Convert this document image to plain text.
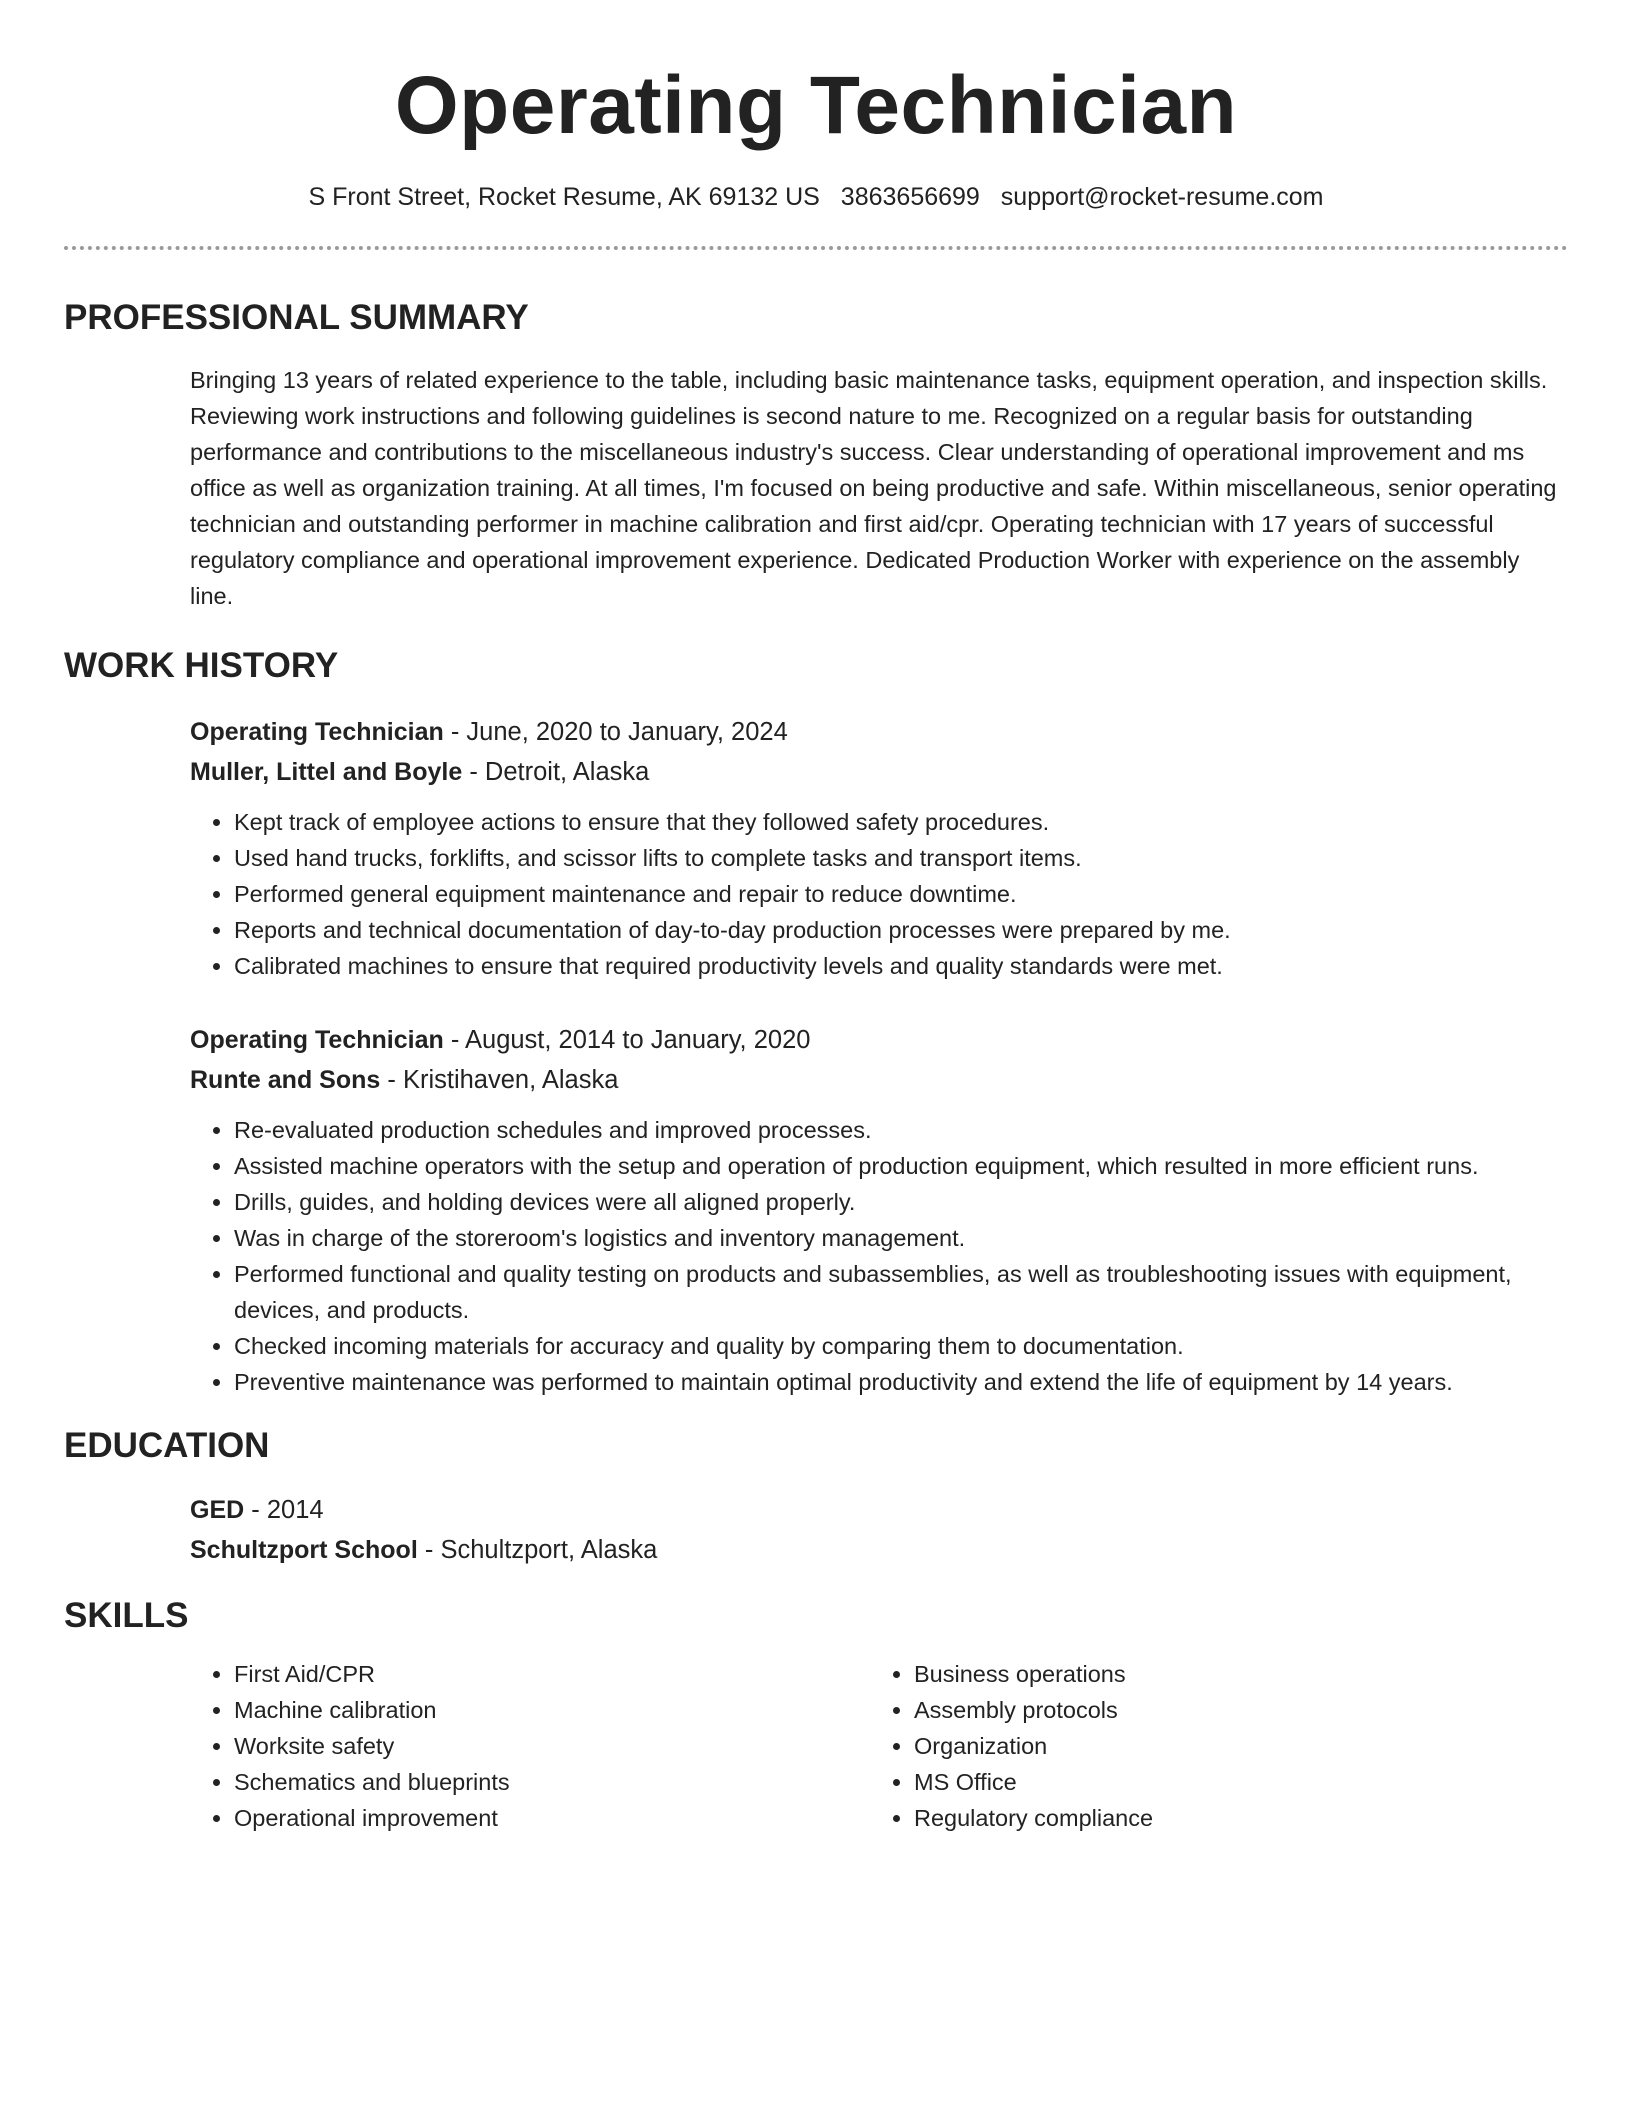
Operating Technician
S Front Street, Rocket Resume, AK 69132 US 3863656699 support@rocket-resume.com
PROFESSIONAL SUMMARY

Bringing 13 years of related experience to the table, including basic maintenance tasks, equipment operation, and inspection skills. Reviewing work instructions and following guidelines is second nature to me. Recognized on a regular basis for outstanding performance and contributions to the miscellaneous industry's success. Clear understanding of operational improvement and ms office as well as organization training. At all times, I'm focused on being productive and safe. Within miscellaneous, senior operating technician and outstanding performer in machine calibration and first aid/cpr. Operating technician with 17 years of successful regulatory compliance and operational improvement experience. Dedicated Production Worker with experience on the assembly line.

WORK HISTORY
Operating Technician - June, 2020 to January, 2024
Muller, Littel and Boyle - Detroit, Alaska
• Kept track of employee actions to ensure that they followed safety procedures.
• Used hand trucks, forklifts, and scissor lifts to complete tasks and transport items.
• Performed general equipment maintenance and repair to reduce downtime.
• Reports and technical documentation of day-to-day production processes were prepared by me.
• Calibrated machines to ensure that required productivity levels and quality standards were met.
Operating Technician - August, 2014 to January, 2020
Runte and Sons - Kristihaven, Alaska
• Re-evaluated production schedules and improved processes.
• Assisted machine operators with the setup and operation of production equipment, which resulted in more efficient runs.
• Drills, guides, and holding devices were all aligned properly.
• Was in charge of the storeroom's logistics and inventory management.
• Performed functional and quality testing on products and subassemblies, as well as troubleshooting issues with equipment, devices, and products.
• Checked incoming materials for accuracy and quality by comparing them to documentation.
• Preventive maintenance was performed to maintain optimal productivity and extend the life of equipment by 14 years.
EDUCATION
GED - 2014
Schultzport School - Schultzport, Alaska
SKILLS
• First Aid/CPR
• Machine calibration
• Worksite safety
• Schematics and blueprints
• Operational improvement
• Business operations
• Assembly protocols
• Organization
• MS Office
• Regulatory compliance
